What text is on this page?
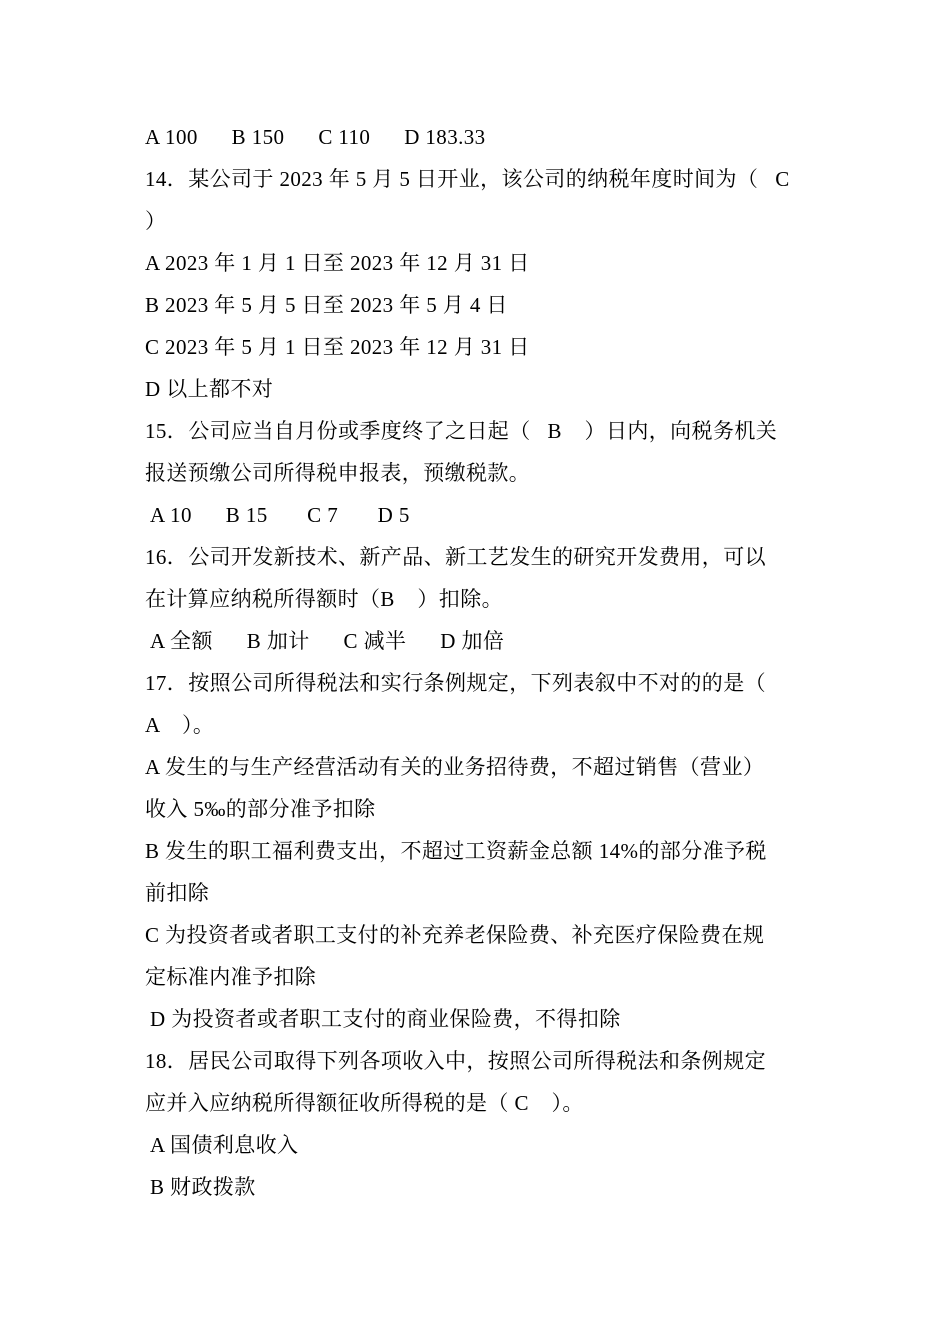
A 100      B 150      C 110      D 183.33
14．某公司于 2023 年 5 月 5 日开业，该公司的纳税年度时间为（   C
）
A 2023 年 1 月 1 日至 2023 年 12 月 31 日
B 2023 年 5 月 5 日至 2023 年 5 月 4 日
C 2023 年 5 月 1 日至 2023 年 12 月 31 日
D 以上都不对
15．公司应当自月份或季度终了之日起（   B    ）日内，向税务机关
报送预缴公司所得税申报表，预缴税款。
A 10      B 15       C 7       D 5
16．公司开发新技术、新产品、新工艺发生的研究开发费用，可以
在计算应纳税所得额时（B    ）扣除。
A 全额      B 加计      C 减半      D 加倍
17．按照公司所得税法和实行条例规定，下列表叙中不对的的是（
A    ）。
A 发生的与生产经营活动有关的业务招待费，不超过销售（营业）
收入 5‰的部分准予扣除
B 发生的职工福利费支出，不超过工资薪金总额 14%的部分准予税
前扣除
C 为投资者或者职工支付的补充养老保险费、补充医疗保险费在规
定标准内准予扣除
D 为投资者或者职工支付的商业保险费，不得扣除
18．居民公司取得下列各项收入中，按照公司所得税法和条例规定
应并入应纳税所得额征收所得税的是（ C    ）。
A 国债利息收入
B 财政拨款
